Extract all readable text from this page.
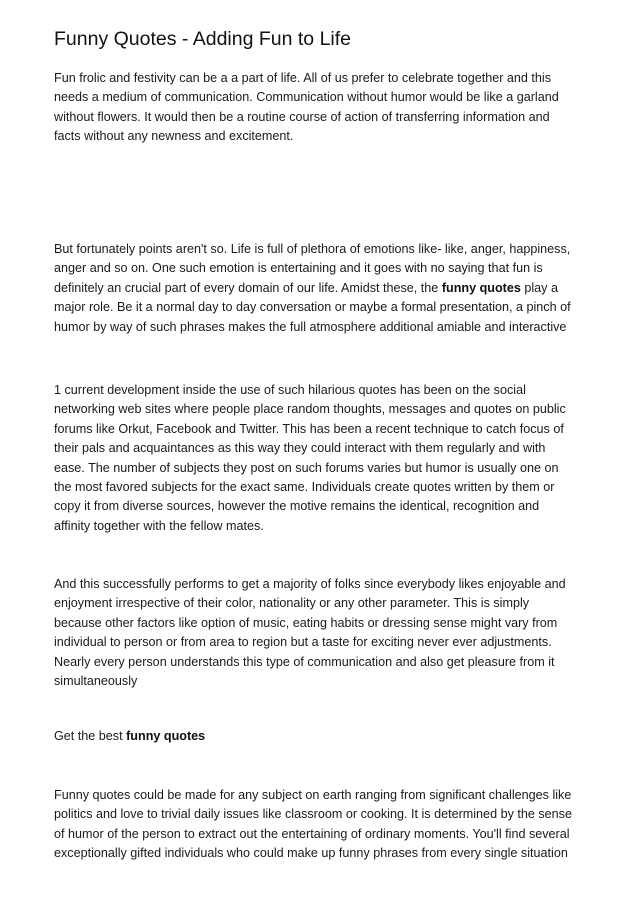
Funny Quotes - Adding Fun to Life

Fun frolic and festivity can be a a part of life. All of us prefer to celebrate together and this
needs a medium of communication. Communication without humor would be like a garland
without flowers. It would then be a routine course of action of transferring information and
facts without any newness and excitement.

But fortunately points aren't so. Life is full of plethora of emotions like- like, anger, happiness,
anger and so on. One such emotion is entertaining and it goes with no saying that fun is
definitely an crucial part of every domain of our life. Amidst these, the funny quotes play a
major role. Be it a normal day to day conversation or maybe a formal presentation, a pinch of
humor by way of such phrases makes the full atmosphere additional amiable and interactive

1 current development inside the use of such hilarious quotes has been on the social
networking web sites where people place random thoughts, messages and quotes on public
forums like Orkut, Facebook and Twitter. This has been a recent technique to catch focus of
their pals and acquaintances as this way they could interact with them regularly and with
ease. The number of subjects they post on such forums varies but humor is usually one on
the most favored subjects for the exact same. Individuals create quotes written by them or
copy it from diverse sources, however the motive remains the identical, recognition and
affinity together with the fellow mates.

And this successfully performs to get a majority of folks since everybody likes enjoyable and
enjoyment irrespective of their color, nationality or any other parameter. This is simply
because other factors like option of music, eating habits or dressing sense might vary from
individual to person or from area to region but a taste for exciting never ever adjustments.
Nearly every person understands this type of communication and also get pleasure from it
simultaneously

Get the best funny quotes

Funny quotes could be made for any subject on earth ranging from significant challenges like
politics and love to trivial daily issues like classroom or cooking. It is determined by the sense
of humor of the person to extract out the entertaining of ordinary moments. You'll find several
exceptionally gifted individuals who could make up funny phrases from every single situation
